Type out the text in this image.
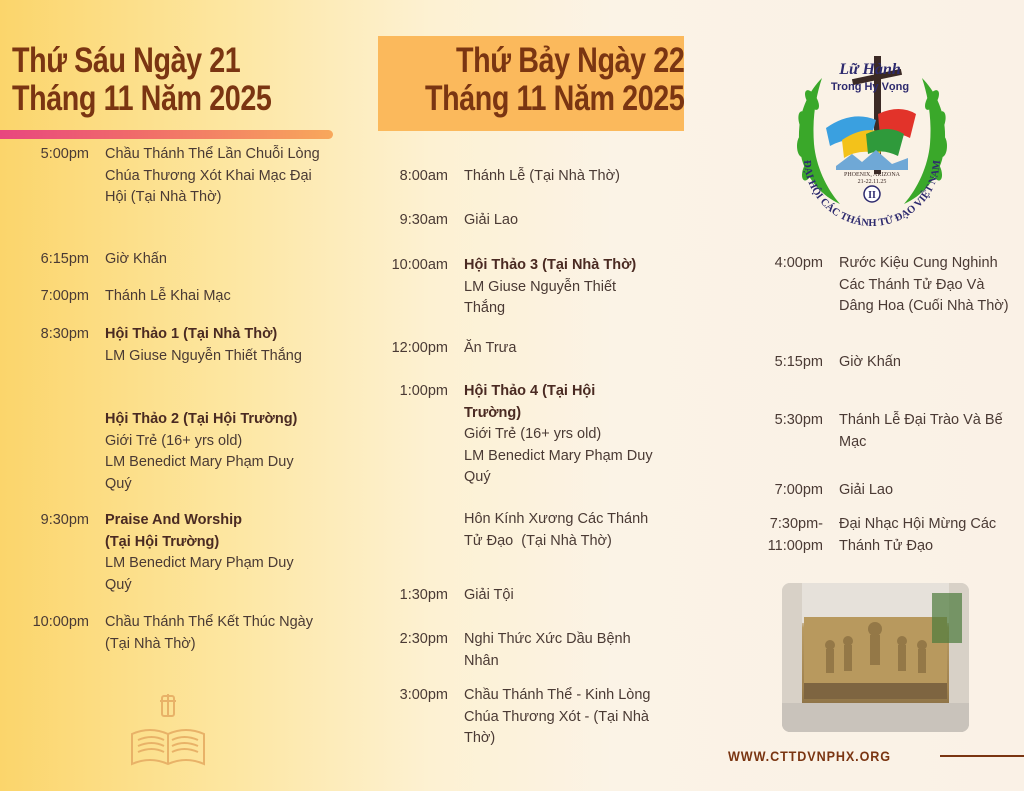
Thứ Sáu Ngày 21
Tháng 11 Năm 2025
Thứ Bảy Ngày 22
Tháng 11 Năm 2025
5:00pm Chầu Thánh Thể Lần Chuỗi Lòng Chúa Thương Xót Khai Mạc Đại Hội (Tại Nhà Thờ)
6:15pm Giờ Khấn
7:00pm Thánh Lễ Khai Mạc
8:30pm Hội Thảo 1 (Tại Nhà Thờ)
LM Giuse Nguyễn Thiết Thắng
Hội Thảo 2 (Tại Hội Trường)
Giới Trẻ (16+ yrs old)
LM Benedict Mary Phạm Duy Quý
9:30pm Praise And Worship (Tại Hội Trường)
LM Benedict Mary Phạm Duy Quý
10:00pm Chầu Thánh Thể Kết Thúc Ngày (Tại Nhà Thờ)
8:00am Thánh Lễ (Tại Nhà Thờ)
9:30am Giải Lao
10:00am Hội Thảo 3 (Tại Nhà Thờ)
LM Giuse Nguyễn Thiết Thắng
12:00pm Ăn Trưa
1:00pm Hội Thảo 4 (Tại Hội Trường)
Giới Trẻ (16+ yrs old)
LM Benedict Mary Phạm Duy Quý
Hôn Kính Xương Các Thánh Tử Đạo  (Tại Nhà Thờ)
1:30pm Giải Tội
2:30pm Nghi Thức Xức Dầu Bệnh Nhân
3:00pm Chầu Thánh Thể - Kinh Lòng Chúa Thương Xót - (Tại Nhà Thờ)
4:00pm Rước Kiệu Cung Nghinh Các Thánh Tử Đạo Và Dâng Hoa (Cuối Nhà Thờ)
5:15pm Giờ Khấn
5:30pm Thánh Lễ Đại Trào Và Bế Mạc
7:00pm Giải Lao
7:30pm- 11:00pm
Đại Nhạc Hội Mừng Các Thánh Tử Đạo
Lữ Hành
Trong Hy Vọng
PHOENIX, ARIZONA
21-22.11.25
II
ĐẠI HỘI CÁC THÁNH TỬ ĐẠO VIỆT NAM
WWW.CTTDVNPHX.ORG
